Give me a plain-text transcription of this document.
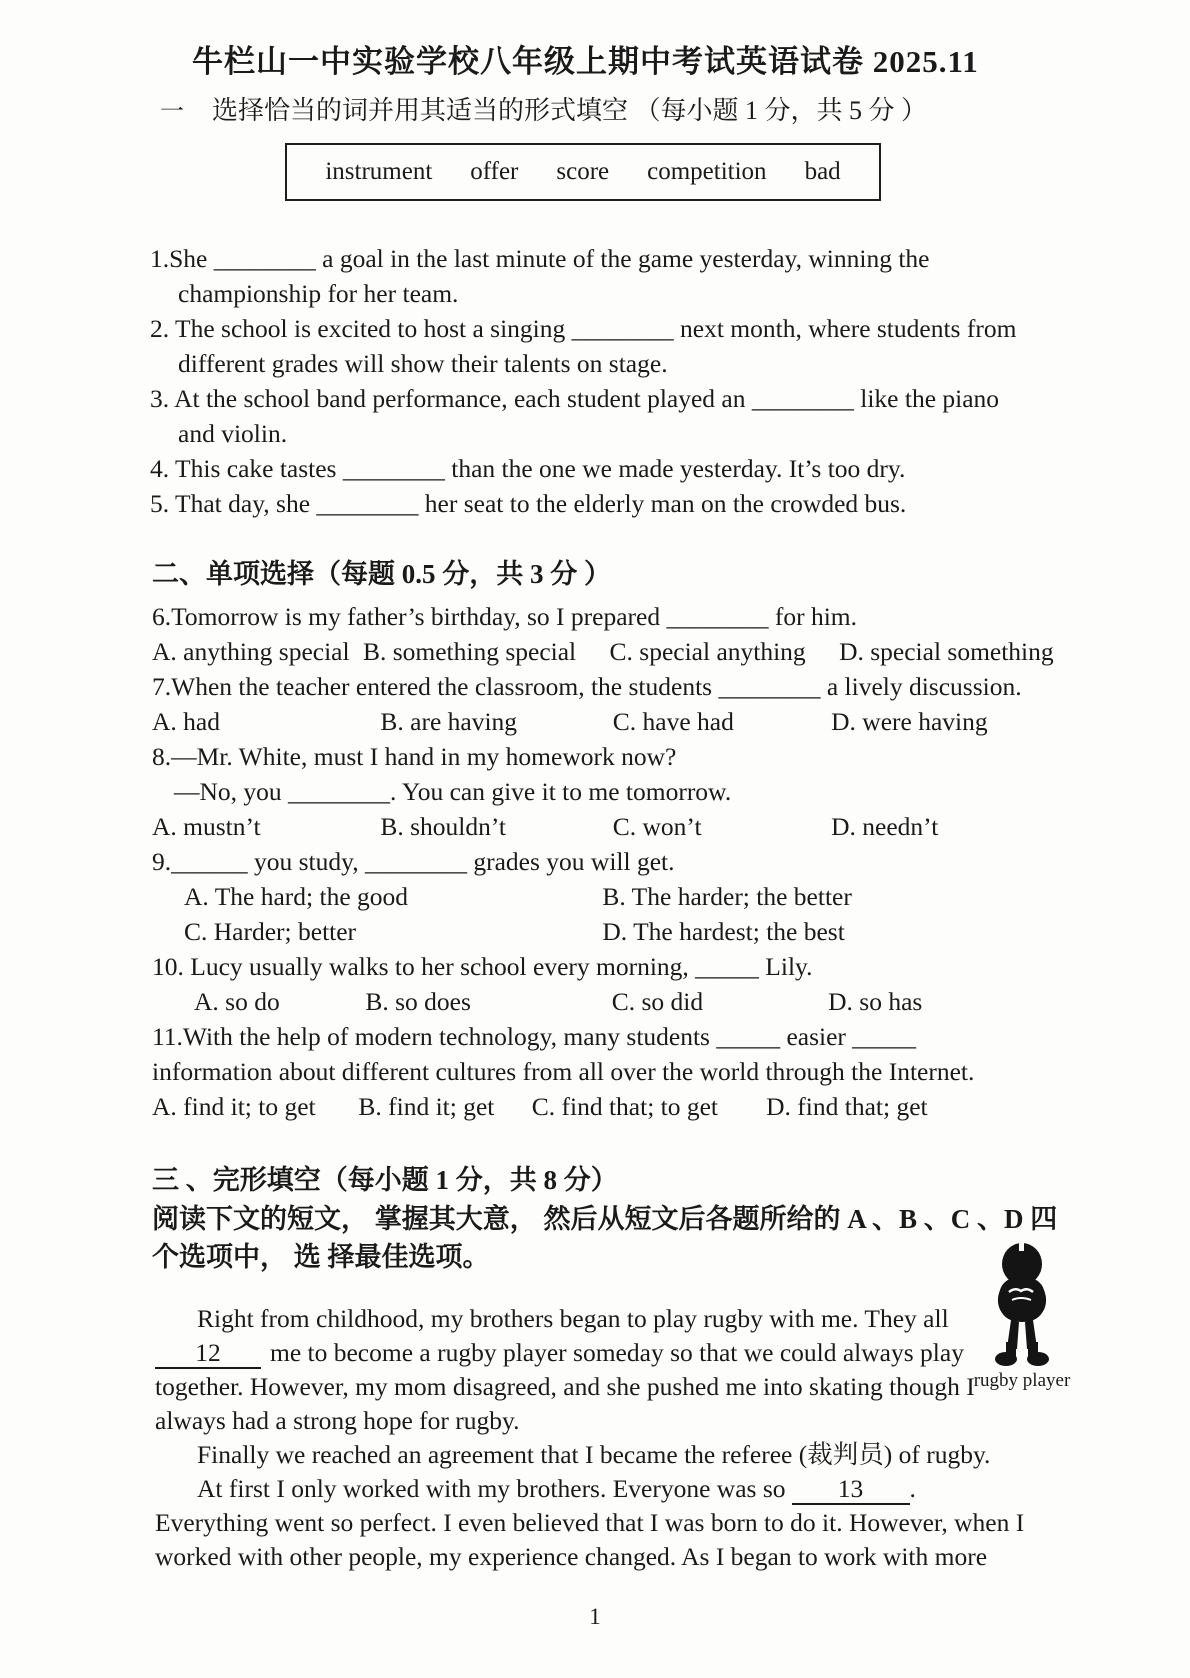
牛栏山一中实验学校八年级上期中考试英语试卷 2025.11
一	选择恰当的词并用其适当的形式填空 （每小题 1 分，共 5 分 ）
instrument offer score competition bad
1.She ________ a goal in the last minute of the game yesterday, winning the
championship for her team.
2. The school is excited to host a singing ________ next month, where students from
different grades will show their talents on stage.
3. At the school band performance, each student played an ________ like the piano
and violin.
4. This cake tastes ________ than the one we made yesterday. It’s too dry.
5. That day, she ________ her seat to the elderly man on the crowded bus.
二、单项选择（每题 0.5 分，共 3 分 ）
6.Tomorrow is my father’s birthday, so I prepared ________ for him.
A. anything special B. something special C. special anything D. special something
7.When the teacher entered the classroom, the students ________ a lively discussion.
A. had	B. are having	C. have had	D. were having
8.—Mr. White, must I hand in my homework now?
—No, you ________. You can give it to me tomorrow.
A. mustn’t	B. shouldn’t	C. won’t	D. needn’t
9.______ you study, ________ grades you will get.
A. The hard; the good	B. The harder; the better
C. Harder; better	D. The hardest; the best
10. Lucy usually walks to her school every morning, _____ Lily.
A. so do	B. so does	C. so did	D. so has
11.With the help of modern technology, many students _____ easier _____
information about different cultures from all over the world through the Internet.
A. find it; to get B. find it; get C. find that; to get D. find that; get
三 、完形填空（每小题 1 分，共 8 分）
阅读下文的短文， 掌握其大意， 然后从短文后各题所给的 A 、B 、C 、D 四
个选项中， 选 择最佳选项。
Right from childhood, my brothers began to play rugby with me. They all
12 me to become a rugby player someday so that we could always play
together. However, my mom disagreed, and she pushed me into skating though I
always had a strong hope for rugby.
Finally we reached an agreement that I became the referee (裁判员) of rugby.
At first I only worked with my brothers. Everyone was so 13 .
Everything went so perfect. I even believed that I was born to do it. However, when I
worked with other people, my experience changed. As I began to work with more
rugby player
1
